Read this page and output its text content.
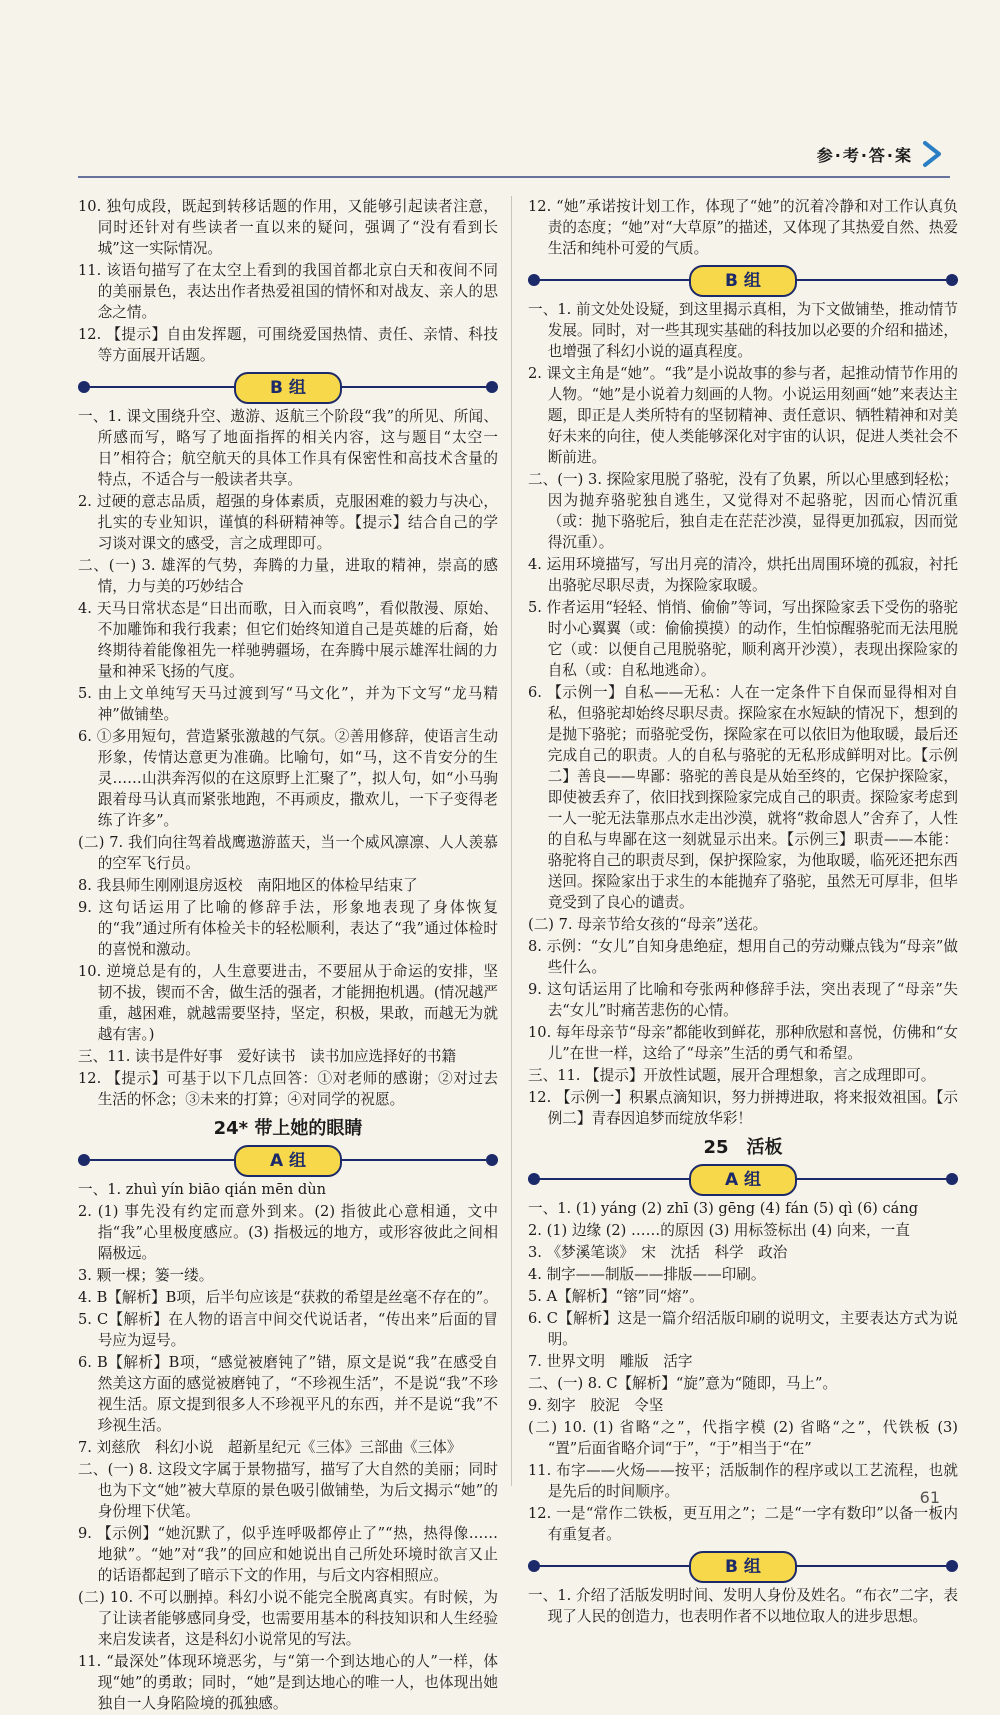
参·考·答·案

10. 独句成段，既起到转移话题的作用，又能够引起读者注意，同时还针对有些读者一直以来的疑问，强调了“没有看到长城”这一实际情况。

11. 该语句描写了在太空上看到的我国首都北京白天和夜间不同的美丽景色，表达出作者热爱祖国的情怀和对战友、亲人的思念之情。

12. 【提示】自由发挥题，可围绕爱国热情、责任、亲情、科技等方面展开话题。

B 组

一、1. 课文围绕升空、遨游、返航三个阶段“我”的所见、所闻、所感而写，略写了地面指挥的相关内容，这与题目“太空一日”相符合；航空航天的具体工作具有保密性和高技术含量的特点，不适合与一般读者共享。

2. 过硬的意志品质，超强的身体素质，克服困难的毅力与决心，扎实的专业知识，谨慎的科研精神等。【提示】结合自己的学习谈对课文的感受，言之成理即可。

二、(一) 3. 雄浑的气势，奔腾的力量，进取的精神，崇高的感情，力与美的巧妙结合

4. 天马日常状态是“日出而歌，日入而哀鸣”，看似散漫、原始、不加雕饰和我行我素；但它们始终知道自己是英雄的后裔，始终期待着能像祖先一样驰骋疆场，在奔腾中展示雄浑壮阔的力量和神采飞扬的气度。

5. 由上文单纯写天马过渡到写“马文化”，并为下文写“龙马精神”做铺垫。

6. ①多用短句，营造紧张激越的气氛。②善用修辞，使语言生动形象，传情达意更为准确。比喻句，如“马，这不肯安分的生灵……山洪奔泻似的在这原野上汇聚了”，拟人句，如“小马驹跟着母马认真而紧张地跑，不再顽皮，撒欢儿，一下子变得老练了许多”。

(二) 7. 我们向往驾着战鹰遨游蓝天，当一个威风凛凛、人人羡慕的空军飞行员。

8. 我县师生刚刚退房返校　南阳地区的体检早结束了

9. 这句话运用了比喻的修辞手法，形象地表现了身体恢复的“我”通过所有体检关卡的轻松顺利，表达了“我”通过体检时的喜悦和激动。

10. 逆境总是有的，人生意要进击，不要屈从于命运的安排，坚韧不拔，锲而不舍，做生活的强者，才能拥抱机遇。(情况越严重，越困难，就越需要坚持，坚定，积极，果敢，而越无为就越有害。)

三、11. 读书是件好事　爱好读书　读书加应选择好的书籍

12. 【提示】可基于以下几点回答：①对老师的感谢；②对过去生活的怀念；③未来的打算；④对同学的祝愿。

24* 带上她的眼睛
A 组

一、1. zhuì yín biāo qián mēn dùn

2. (1) 事先没有约定而意外到来。(2) 指彼此心意相通，文中指“我”心里极度感应。(3) 指极远的地方，或形容彼此之间相隔极远。

3. 颗一棵；篓一缕。

4. B【解析】B项，后半句应该是“获救的希望是丝毫不存在的”。

5. C【解析】在人物的语言中间交代说话者，“传出来”后面的冒号应为逗号。

6. B【解析】B项，“感觉被磨钝了”错，原文是说“我”在感受自然美这方面的感觉被磨钝了，“不珍视生活”，不是说“我”不珍视生活。原文提到很多人不珍视平凡的东西，并不是说“我”不珍视生活。

7. 刘慈欣　科幻小说　超新星纪元《三体》三部曲《三体》

二、(一) 8. 这段文字属于景物描写，描写了大自然的美丽；同时也为下文“她”被大草原的景色吸引做铺垫，为后文揭示“她”的身份埋下伏笔。

9. 【示例】“她沉默了，似乎连呼吸都停止了”“热，热得像……地狱”。“她”对“我”的回应和她说出自己所处环境时欲言又止的话语都起到了暗示下文的作用，与后文内容相照应。

(二) 10. 不可以删掉。科幻小说不能完全脱离真实。有时候，为了让读者能够感同身受，也需要用基本的科技知识和人生经验来启发读者，这是科幻小说常见的写法。

11. “最深处”体现环境恶劣，与“第一个到达地心的人”一样，体现“她”的勇敢；同时，“她”是到达地心的唯一人，也体现出她独自一人身陷险境的孤独感。

12. “她”承诺按计划工作，体现了“她”的沉着冷静和对工作认真负责的态度；“她”对“大草原”的描述，又体现了其热爱自然、热爱生活和纯朴可爱的气质。

B 组

一、1. 前文处处设疑，到这里揭示真相，为下文做铺垫，推动情节发展。同时，对一些其现实基础的科技加以必要的介绍和描述，也增强了科幻小说的逼真程度。

2. 课文主角是“她”。“我”是小说故事的参与者，起推动情节作用的人物。“她”是小说着力刻画的人物。小说运用刻画“她”来表达主题，即正是人类所特有的坚韧精神、责任意识、牺牲精神和对美好未来的向往，使人类能够深化对宇宙的认识，促进人类社会不断前进。

二、(一) 3. 探险家甩脱了骆驼，没有了负累，所以心里感到轻松；因为抛弃骆驼独自逃生，又觉得对不起骆驼，因而心情沉重（或：抛下骆驼后，独自走在茫茫沙漠，显得更加孤寂，因而觉得沉重）。

4. 运用环境描写，写出月亮的清冷，烘托出周围环境的孤寂，衬托出骆驼尽职尽责，为探险家取暖。

5. 作者运用“轻轻、悄悄、偷偷”等词，写出探险家丢下受伤的骆驼时小心翼翼（或：偷偷摸摸）的动作，生怕惊醒骆驼而无法甩脱它（或：以便自己甩脱骆驼，顺利离开沙漠），表现出探险家的自私（或：自私地逃命）。

6. 【示例一】自私——无私：人在一定条件下自保而显得相对自私，但骆驼却始终尽职尽责。探险家在水短缺的情况下，想到的是抛下骆驼；而骆驼受伤，探险家在可以依旧为他取暖，最后还完成自己的职责。人的自私与骆驼的无私形成鲜明对比。【示例二】善良——卑鄙：骆驼的善良是从始至终的，它保护探险家，即使被丢弃了，依旧找到探险家完成自己的职责。探险家考虑到一人一驼无法靠那点水走出沙漠，就将“救命恩人”舍弃了，人性的自私与卑鄙在这一刻就显示出来。【示例三】职责——本能：骆驼将自己的职责尽到，保护探险家，为他取暖，临死还把东西送回。探险家出于求生的本能抛弃了骆驼，虽然无可厚非，但毕竟受到了良心的谴责。

(二) 7. 母亲节给女孩的“母亲”送花。

8. 示例：“女儿”自知身患绝症，想用自己的劳动赚点钱为“母亲”做些什么。

9. 这句话运用了比喻和夸张两种修辞手法，突出表现了“母亲”失去“女儿”时痛苦悲伤的心情。

10. 每年母亲节“母亲”都能收到鲜花，那种欣慰和喜悦，仿佛和“女儿”在世一样，这给了“母亲”生活的勇气和希望。

三、11. 【提示】开放性试题，展开合理想象，言之成理即可。

12. 【示例一】积累点滴知识，努力拼搏进取，将来报效祖国。【示例二】青春因追梦而绽放华彩！

25　活板
A 组

一、1. (1) yáng (2) zhī (3) gēng (4) fán (5) qì (6) cáng

2. (1) 边缘 (2) ……的原因 (3) 用标签标出 (4) 向来，一直

3. 《梦溪笔谈》　宋　沈括　科学　政治

4. 制字——制版——排版——印刷。

5. A【解析】“镕”同“熔”。

6. C【解析】这是一篇介绍活版印刷的说明文，主要表达方式为说明。

7. 世界文明　雕版　活字

二、(一) 8. C【解析】“旋”意为“随即，马上”。

9. 刻字　胶泥　令坚

(二) 10. (1) 省略“之”，代指字模 (2) 省略“之”，代铁板 (3) “置”后面省略介词“于”，“于”相当于“在”

11. 布字——火炀——按平；活版制作的程序或以工艺流程，也就是先后的时间顺序。

12. 一是“常作二铁板，更互用之”；二是“一字有数印”以备一板内有重复者。

B 组

一、1. 介绍了活版发明时间、发明人身份及姓名。“布衣”二字，表现了人民的创造力，也表明作者不以地位取人的进步思想。

61
